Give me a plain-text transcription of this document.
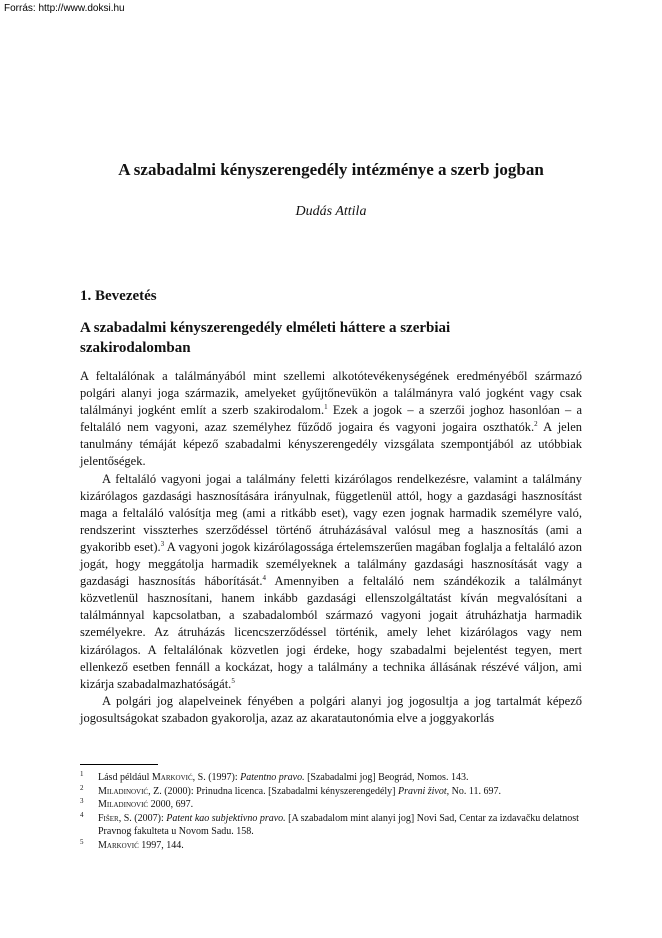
Forrás: http://www.doksi.hu
A szabadalmi kényszerengedély intézménye a szerb jogban
Dudás Attila
1. Bevezetés
A szabadalmi kényszerengedély elméleti háttere a szerbiai szakirodalomban

A feltalálónak a találmányából mint szellemi alkotótevékenységének eredményéből származó polgári alanyi joga származik, amelyeket gyűjtőnevükön a találmányra való jogként vagy csak találmányi jogként említ a szerb szakirodalom.$^1$ Ezek a jogok – a szerzői joghoz hasonlóan – a feltaláló nem vagyoni, azaz személyhez fűződő jogaira és vagyoni jogaira oszthatók.$^2$ A jelen tanulmány témáját képező szabadalmi kényszerengedély vizsgálata szempontjából az utóbbiak jelentőségek.

A feltaláló vagyoni jogai a találmány feletti kizárólagos rendelkezésre, valamint a találmány kizárólagos gazdasági hasznosítására irányulnak, függetlenül attól, hogy a gazdasági hasznosítást maga a feltaláló valósítja meg (ami a ritkább eset), vagy ezen jognak harmadik személyre való, rendszerint visszterhes szerződéssel történő átruházásával valósul meg a hasznosítás (ami a gyakoribb eset).$^3$ A vagyoni jogok kizárólagossága értelemszerűen magában foglalja a feltaláló azon jogát, hogy meggátolja harmadik személyeknek a találmány gazdasági hasznosítását vagy a gazdasági hasznosítás háborítását.$^4$ Amennyiben a feltaláló nem szándékozik a találmányt közvetlenül hasznosítani, hanem inkább gazdasági ellenszolgáltatást kíván megvalósítani a találmánnyal kapcsolatban, a szabadalomból származó vagyoni jogait átruházhatja harmadik személyekre. Az átruházás licencszerződéssel történik, amely lehet kizárólagos vagy nem kizárólagos. A feltalálónak közvetlen jogi érdeke, hogy szabadalmi bejelentést tegyen, mert ellenkező esetben fennáll a kockázat, hogy a találmány a technika állásának részévé váljon, ami kizárja szabadalmazhatóságát.$^5$

A polgári jog alapelveinek fényében a polgári alanyi jog jogosultja a jog tartalmát képező jogosultságokat szabadon gyakorolja, azaz az akaratautonómia elve a joggyakorlás

1 Lásd például Marković, S. (1997): Patentno pravo. [Szabadalmi jog] Beográd, Nomos. 143.
2 Miladinović, Z. (2000): Prinudna licenca. [Szabadalmi kényszerengedély] Pravni život, No. 11. 697.
3 Miladinović 2000, 697.
4 Fišer, S. (2007): Patent kao subjektivno pravo. [A szabadalom mint alanyi jog] Novi Sad, Centar za izdavačku delatnost Pravnog fakulteta u Novom Sadu. 158.
5 Marković 1997, 144.
